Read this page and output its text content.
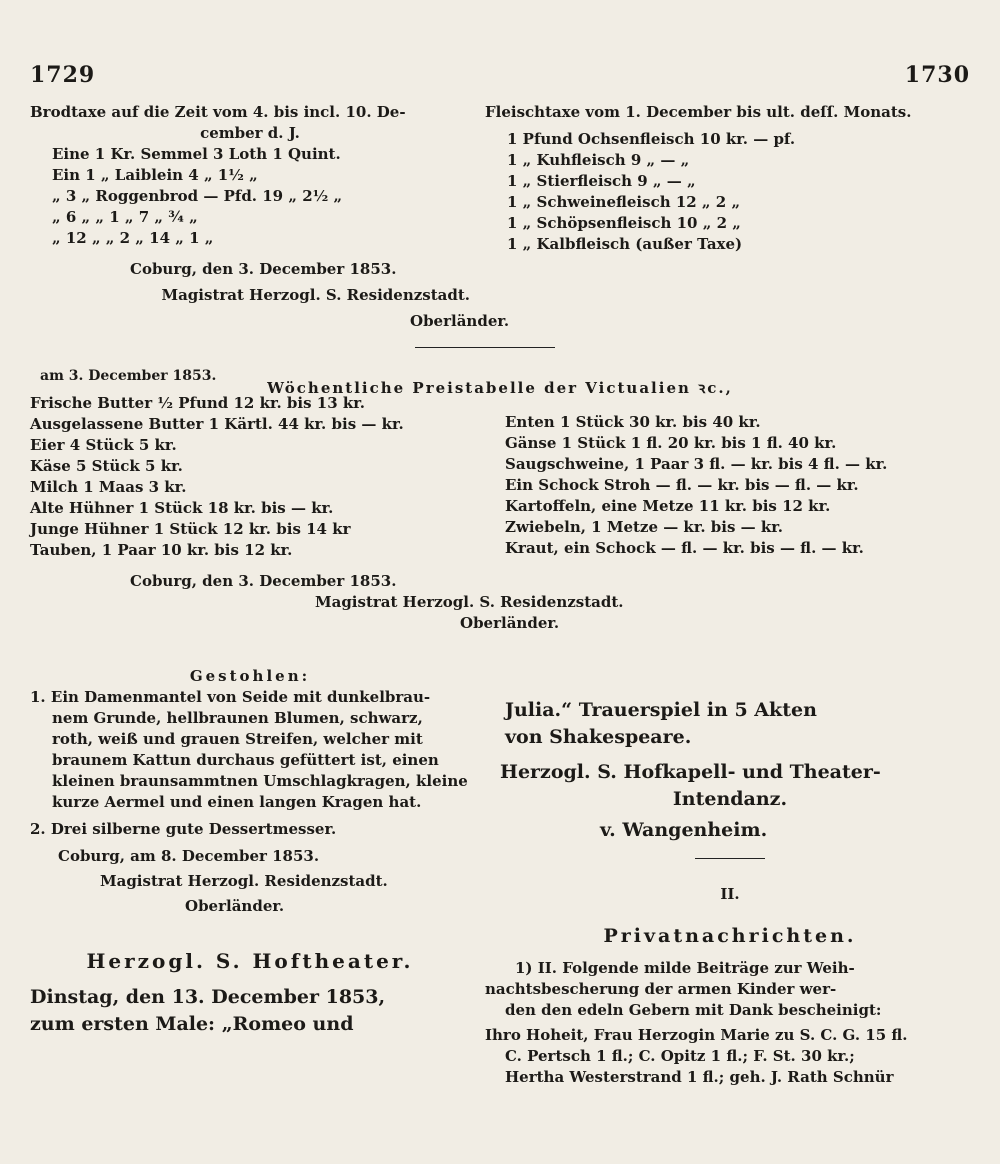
1729	1730
Brodtaxe auf die Zeit vom 4. bis incl. 10. De-
cember d. J.
Eine 1 Kr. Semmel 3 Loth 1 Quint.
Ein 1 „ Laiblein 4 „ 1½ „
„ 3 „ Roggenbrod — Pfd. 19 „ 2½ „
„ 6 „ „ 1 „ 7 „ ¾ „
„ 12 „ „ 2 „ 14 „ 1 „
Coburg, den 3. December 1853.
Magistrat Herzogl. S. Residenzstadt.
Oberländer.
am 3. December 1853.
Frische Butter ½ Pfund 12 kr. bis 13 kr.
Ausgelassene Butter 1 Kärtl. 44 kr. bis — kr.
Eier 4 Stück 5 kr.
Käse 5 Stück 5 kr.
Milch 1 Maas 3 kr.
Alte Hühner 1 Stück 18 kr. bis — kr.
Junge Hühner 1 Stück 12 kr. bis 14 kr
Tauben, 1 Paar 10 kr. bis 12 kr.
Coburg, den 3. December 1853.
Magistrat Herzogl. S. Residenzstadt.
Oberländer.
Gestohlen:
1. Ein Damenmantel von Seide mit dunkelbrau-
nem Grunde, hellbraunen Blumen, schwarz,
roth, weiß und grauen Streifen, welcher mit
braunem Kattun durchaus gefüttert ist, einen
kleinen braunsammtnen Umschlagkragen, kleine
kurze Aermel und einen langen Kragen hat.
2. Drei silberne gute Dessertmesser.
Coburg, am 8. December 1853.
Magistrat Herzogl. Residenzstadt.
Oberländer.
Herzogl. S. Hoftheater.
Dinstag, den 13. December 1853,
zum ersten Male: „Romeo und
Wöchentliche Preistabelle der Victualien ꝛc.,
Fleischtaxe vom 1. December bis ult. deſſ. Monats.
1 Pfund Ochsenfleisch 10 kr. — pf.
1 „ Kuhfleisch 9 „ — „
1 „ Stierfleisch 9 „ — „
1 „ Schweinefleisch 12 „ 2 „
1 „ Schöpsenfleisch 10 „ 2 „
1 „ Kalbfleisch (außer Taxe)
Enten 1 Stück 30 kr. bis 40 kr.
Gänse 1 Stück 1 fl. 20 kr. bis 1 fl. 40 kr.
Saugschweine, 1 Paar 3 fl. — kr. bis 4 fl. — kr.
Ein Schock Stroh — fl. — kr. bis — fl. — kr.
Kartoffeln, eine Metze 11 kr. bis 12 kr.
Zwiebeln, 1 Metze — kr. bis — kr.
Kraut, ein Schock — fl. — kr. bis — fl. — kr.
Julia.“ Trauerspiel in 5 Akten
von Shakespeare.
Herzogl. S. Hofkapell- und Theater-
Intendanz.
v. Wangenheim.
II.
Privatnachrichten.
1) II. Folgende milde Beiträge zur Weih-
nachtsbescherung der armen Kinder wer-
den den edeln Gebern mit Dank bescheinigt:
Ihro Hoheit, Frau Herzogin Marie zu S. C. G. 15 fl.
C. Pertsch 1 fl.; C. Opitz 1 fl.; F. St. 30 kr.;
Hertha Westerstrand 1 fl.; geh. J. Rath Schnür
